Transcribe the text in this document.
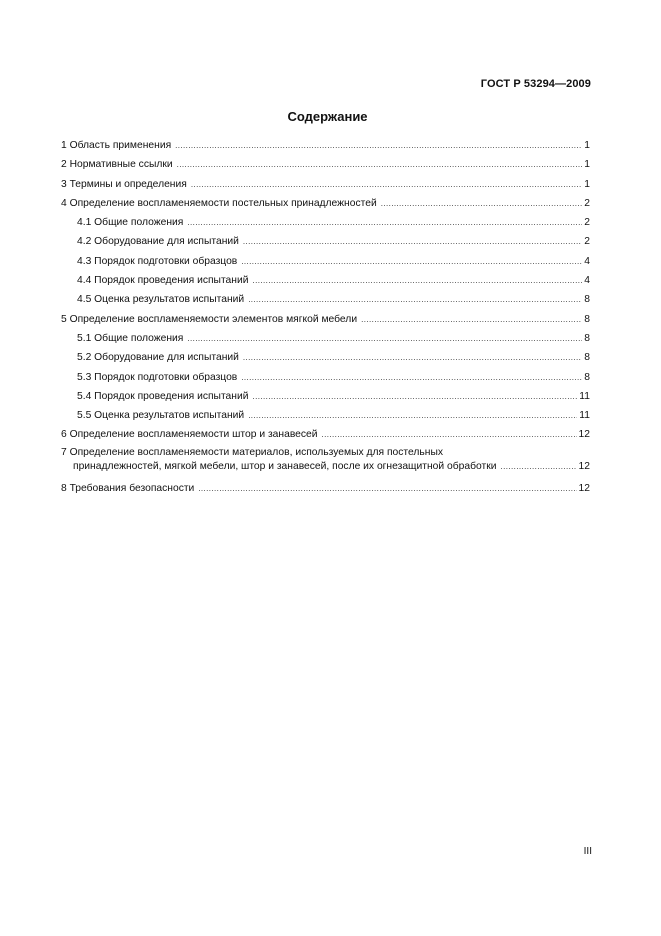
ГОСТ Р 53294—2009
Содержание
1 Область применения .....	1
2 Нормативные ссылки .....	1
3 Термины и определения .....	1
4 Определение воспламеняемости постельных принадлежностей .....	2
4.1 Общие положения .....	2
4.2 Оборудование для испытаний .....	2
4.3 Порядок подготовки образцов .....	4
4.4 Порядок проведения испытаний .....	4
4.5 Оценка результатов испытаний .....	8
5 Определение воспламеняемости элементов мягкой мебели .....	8
5.1 Общие положения .....	8
5.2 Оборудование для испытаний .....	8
5.3 Порядок подготовки образцов .....	8
5.4 Порядок проведения испытаний .....	11
5.5 Оценка результатов испытаний .....	11
6 Определение воспламеняемости штор и занавесей .....	12
7 Определение воспламеняемости материалов, используемых для постельных
принадлежностей, мягкой мебели, штор и занавесей, после их огнезащитной обработки .....	12
8 Требования безопасности .....	12
III
